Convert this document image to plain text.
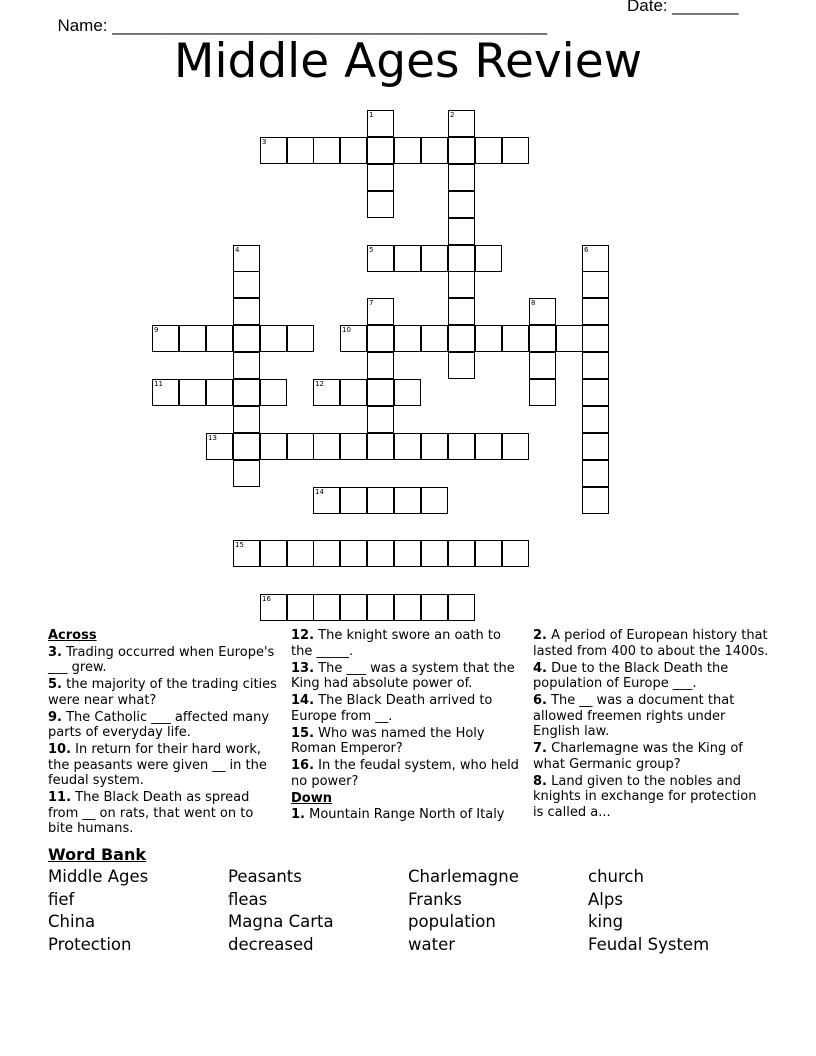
Name: ______________________________________________

Date: _______

Middle Ages Review
1	2
3
4	5	6
7	8
9	10
11	12
13
14
15
16
Across
3. Trading occurred when Europe's ___ grew.
5. the majority of the trading cities were near what?
9. The Catholic ___ affected many parts of everyday life.
10. In return for their hard work, the peasants were given __ in the feudal system.
11. The Black Death as spread from __ on rats, that went on to bite humans.
12. The knight swore an oath to the _____.
13. The ___ was a system that the King had absolute power of.
14. The Black Death arrived to Europe from __.
15. Who was named the Holy Roman Emperor?
16. In the feudal system, who held no power?
Down
1. Mountain Range North of Italy
2. A period of European history that lasted from 400 to about the 1400s.
4. Due to the Black Death the population of Europe ___.
6. The __ was a document that allowed freemen rights under English law.
7. Charlemagne was the King of what Germanic group?
8. Land given to the nobles and knights in exchange for protection is called a...
Word Bank
Middle Ages	Peasants	Charlemagne	church
fief	fleas	Franks	Alps
China	Magna Carta	population	king
Protection	decreased	water	Feudal System
